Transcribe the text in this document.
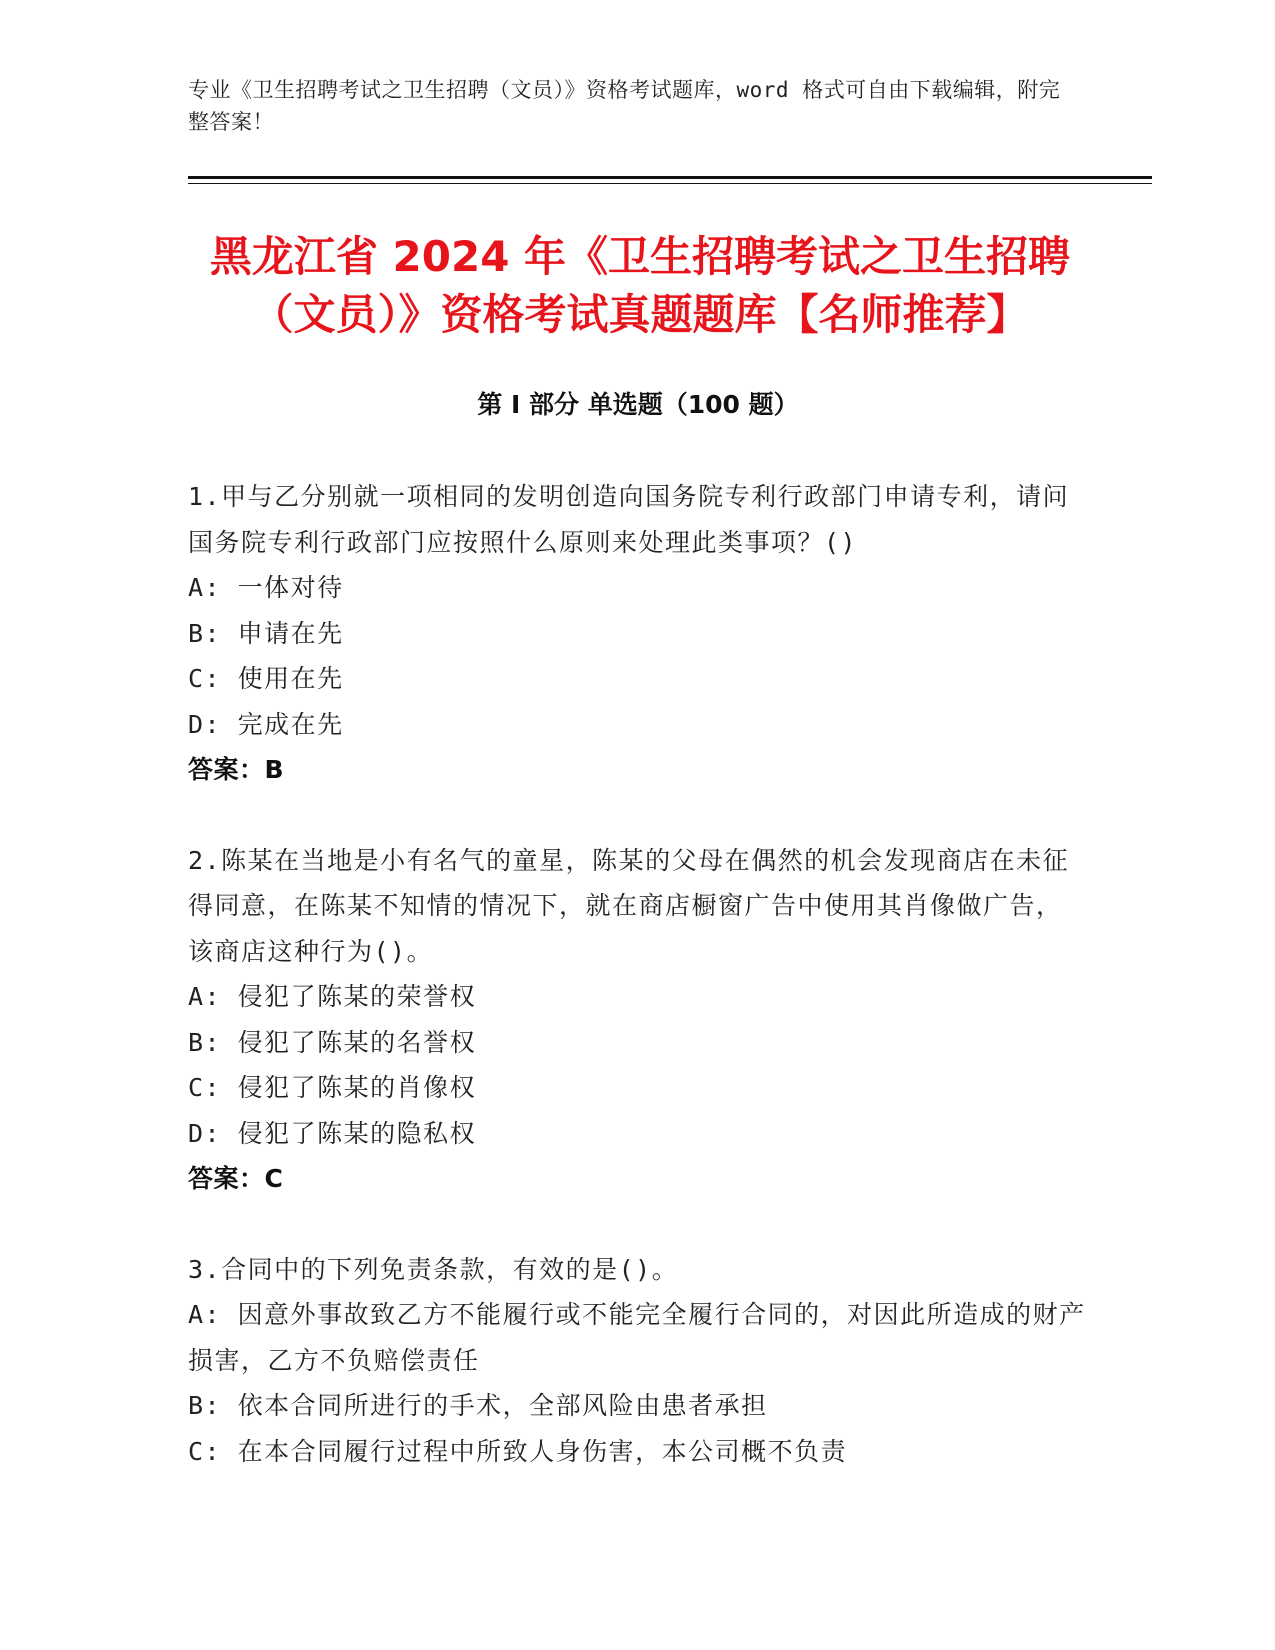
专业《卫生招聘考试之卫生招聘（文员）》资格考试题库，word 格式可自由下载编辑，附完整答案！
黑龙江省 2024 年《卫生招聘考试之卫生招聘（文员）》资格考试真题题库【名师推荐】
第 I 部分 单选题（100 题）
1.甲与乙分别就一项相同的发明创造向国务院专利行政部门申请专利，请问国务院专利行政部门应按照什么原则来处理此类事项？()
A: 一体对待
B: 申请在先
C: 使用在先
D: 完成在先
答案：B
2.陈某在当地是小有名气的童星，陈某的父母在偶然的机会发现商店在未征得同意，在陈某不知情的情况下，就在商店橱窗广告中使用其肖像做广告，该商店这种行为()。
A: 侵犯了陈某的荣誉权
B: 侵犯了陈某的名誉权
C: 侵犯了陈某的肖像权
D: 侵犯了陈某的隐私权
答案：C
3.合同中的下列免责条款，有效的是()。
A: 因意外事故致乙方不能履行或不能完全履行合同的，对因此所造成的财产损害，乙方不负赔偿责任
B: 依本合同所进行的手术，全部风险由患者承担
C: 在本合同履行过程中所致人身伤害，本公司概不负责
